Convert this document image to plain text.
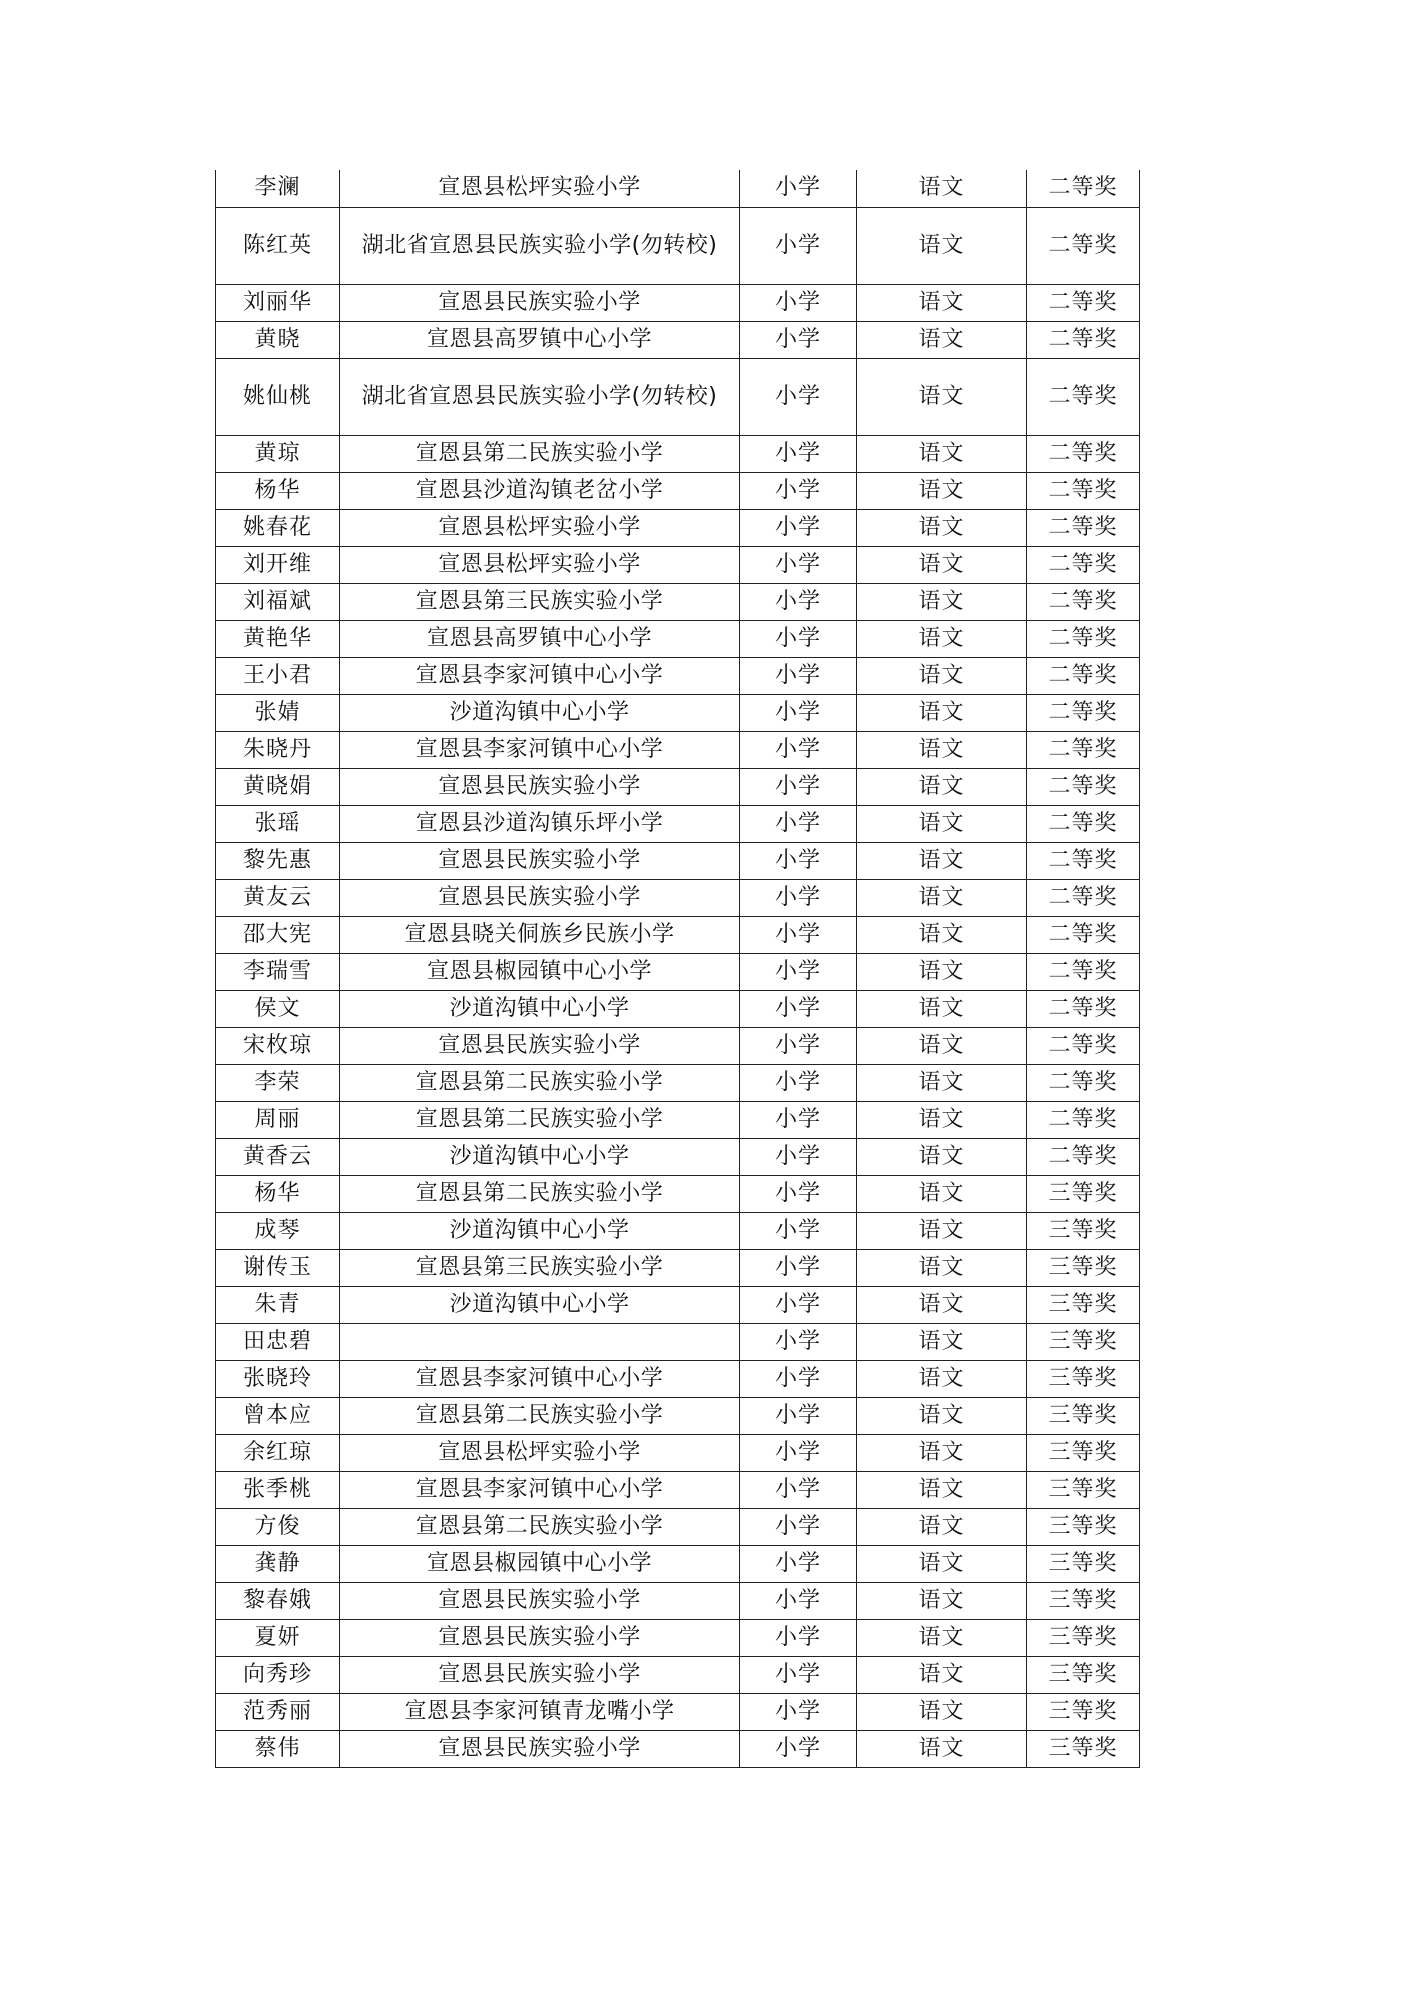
李澜	宣恩县松坪实验小学	小学	语文	二等奖
陈红英	湖北省宣恩县民族实验小学(勿转校)	小学	语文	二等奖
刘丽华	宣恩县民族实验小学	小学	语文	二等奖
黄晓	宣恩县高罗镇中心小学	小学	语文	二等奖
姚仙桃	湖北省宣恩县民族实验小学(勿转校)	小学	语文	二等奖
黄琼	宣恩县第二民族实验小学	小学	语文	二等奖
杨华	宣恩县沙道沟镇老岔小学	小学	语文	二等奖
姚春花	宣恩县松坪实验小学	小学	语文	二等奖
刘开维	宣恩县松坪实验小学	小学	语文	二等奖
刘福斌	宣恩县第三民族实验小学	小学	语文	二等奖
黄艳华	宣恩县高罗镇中心小学	小学	语文	二等奖
王小君	宣恩县李家河镇中心小学	小学	语文	二等奖
张婧	沙道沟镇中心小学	小学	语文	二等奖
朱晓丹	宣恩县李家河镇中心小学	小学	语文	二等奖
黄晓娟	宣恩县民族实验小学	小学	语文	二等奖
张瑶	宣恩县沙道沟镇乐坪小学	小学	语文	二等奖
黎先惠	宣恩县民族实验小学	小学	语文	二等奖
黄友云	宣恩县民族实验小学	小学	语文	二等奖
邵大宪	宣恩县晓关侗族乡民族小学	小学	语文	二等奖
李瑞雪	宣恩县椒园镇中心小学	小学	语文	二等奖
侯文	沙道沟镇中心小学	小学	语文	二等奖
宋枚琼	宣恩县民族实验小学	小学	语文	二等奖
李荣	宣恩县第二民族实验小学	小学	语文	二等奖
周丽	宣恩县第二民族实验小学	小学	语文	二等奖
黄香云	沙道沟镇中心小学	小学	语文	二等奖
杨华	宣恩县第二民族实验小学	小学	语文	三等奖
成琴	沙道沟镇中心小学	小学	语文	三等奖
谢传玉	宣恩县第三民族实验小学	小学	语文	三等奖
朱青	沙道沟镇中心小学	小学	语文	三等奖
田忠碧		小学	语文	三等奖
张晓玲	宣恩县李家河镇中心小学	小学	语文	三等奖
曾本应	宣恩县第二民族实验小学	小学	语文	三等奖
余红琼	宣恩县松坪实验小学	小学	语文	三等奖
张季桃	宣恩县李家河镇中心小学	小学	语文	三等奖
方俊	宣恩县第二民族实验小学	小学	语文	三等奖
龚静	宣恩县椒园镇中心小学	小学	语文	三等奖
黎春娥	宣恩县民族实验小学	小学	语文	三等奖
夏妍	宣恩县民族实验小学	小学	语文	三等奖
向秀珍	宣恩县民族实验小学	小学	语文	三等奖
范秀丽	宣恩县李家河镇青龙嘴小学	小学	语文	三等奖
蔡伟	宣恩县民族实验小学	小学	语文	三等奖
